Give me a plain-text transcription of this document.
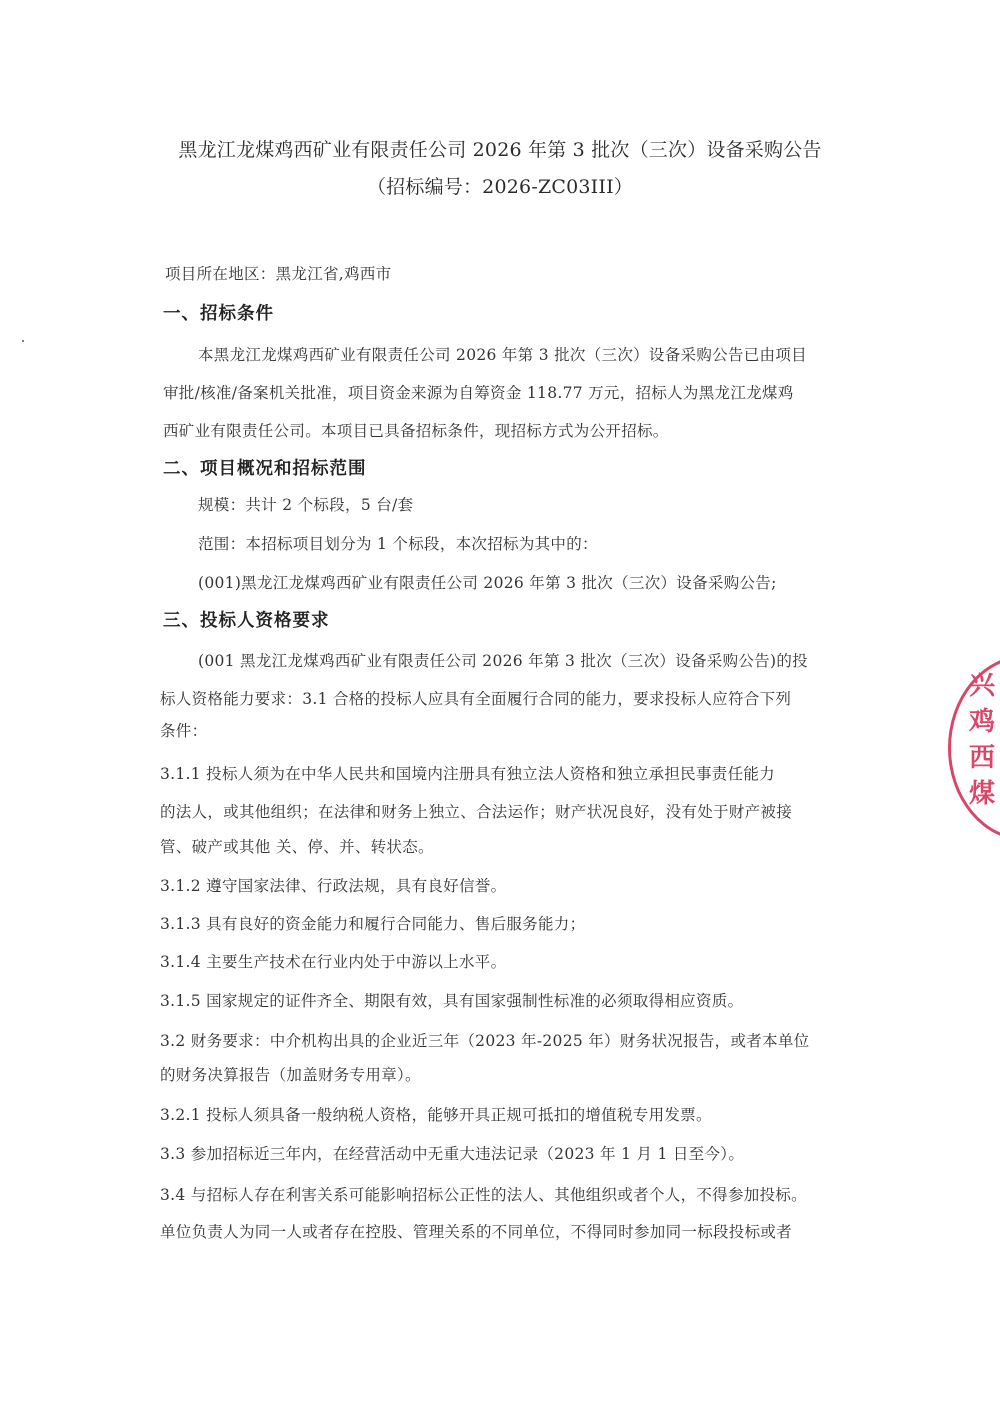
黑龙江龙煤鸡西矿业有限责任公司 2026 年第 3 批次（三次）设备采购公告
（招标编号：2026-ZC03III）
项目所在地区：黑龙江省,鸡西市
一、招标条件
本黑龙江龙煤鸡西矿业有限责任公司 2026 年第 3 批次（三次）设备采购公告已由项目
审批/核准/备案机关批准，项目资金来源为自筹资金 118.77 万元，招标人为黑龙江龙煤鸡
西矿业有限责任公司。本项目已具备招标条件，现招标方式为公开招标。
二、项目概况和招标范围
规模：共计 2 个标段，5 台/套
范围：本招标项目划分为 1 个标段，本次招标为其中的：
(001)黑龙江龙煤鸡西矿业有限责任公司 2026 年第 3 批次（三次）设备采购公告;
三、投标人资格要求
(001 黑龙江龙煤鸡西矿业有限责任公司 2026 年第 3 批次（三次）设备采购公告)的投
标人资格能力要求：3.1 合格的投标人应具有全面履行合同的能力，要求投标人应符合下列
条件：
3.1.1 投标人须为在中华人民共和国境内注册具有独立法人资格和独立承担民事责任能力
的法人，或其他组织；在法律和财务上独立、合法运作；财产状况良好，没有处于财产被接
管、破产或其他 关、停、并、转状态。
3.1.2 遵守国家法律、行政法规，具有良好信誉。
3.1.3 具有良好的资金能力和履行合同能力、售后服务能力；
3.1.4 主要生产技术在行业内处于中游以上水平。
3.1.5 国家规定的证件齐全、期限有效，具有国家强制性标准的必须取得相应资质。
3.2 财务要求：中介机构出具的企业近三年（2023 年-2025 年）财务状况报告，或者本单位
的财务决算报告（加盖财务专用章）。
3.2.1 投标人须具备一般纳税人资格，能够开具正规可抵扣的增值税专用发票。
3.3 参加招标近三年内，在经营活动中无重大违法记录（2023 年 1 月 1 日至今）。
3.4 与招标人存在利害关系可能影响招标公正性的法人、其他组织或者个人，不得参加投标。
单位负责人为同一人或者存在控股、管理关系的不同单位，不得同时参加同一标段投标或者
兴
鸡
西
煤
